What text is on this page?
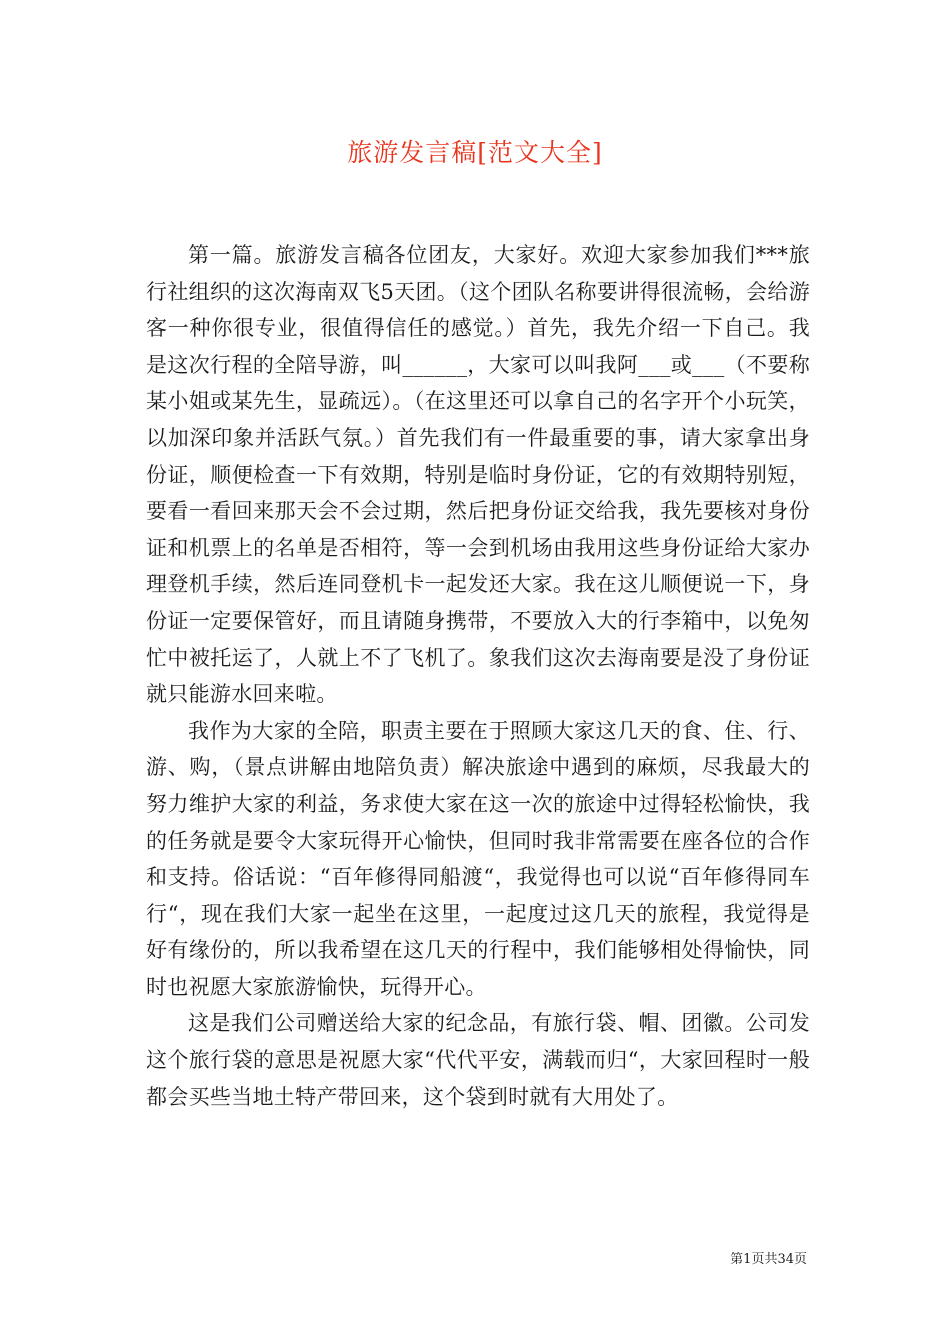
旅游发言稿[范文大全]

第一篇。旅游发言稿各位团友，大家好。欢迎大家参加我们***旅行社组织的这次海南双飞5天团。（这个团队名称要讲得很流畅，会给游客一种你很专业，很值得信任的感觉。）首先，我先介绍一下自己。我是这次行程的全陪导游，叫______，大家可以叫我阿___或___（不要称某小姐或某先生，显疏远）。（在这里还可以拿自己的名字开个小玩笑，以加深印象并活跃气氛。）首先我们有一件最重要的事，请大家拿出身份证，顺便检查一下有效期，特别是临时身份证，它的有效期特别短，要看一看回来那天会不会过期，然后把身份证交给我，我先要核对身份证和机票上的名单是否相符，等一会到机场由我用这些身份证给大家办理登机手续，然后连同登机卡一起发还大家。我在这儿顺便说一下，身份证一定要保管好，而且请随身携带，不要放入大的行李箱中，以免匆忙中被托运了，人就上不了飞机了。象我们这次去海南要是没了身份证就只能游水回来啦。

我作为大家的全陪，职责主要在于照顾大家这几天的食、住、行、游、购，（景点讲解由地陪负责）解决旅途中遇到的麻烦，尽我最大的努力维护大家的利益，务求使大家在这一次的旅途中过得轻松愉快，我的任务就是要令大家玩得开心愉快，但同时我非常需要在座各位的合作和支持。俗话说：“百年修得同船渡“，我觉得也可以说“百年修得同车行“，现在我们大家一起坐在这里，一起度过这几天的旅程，我觉得是好有缘份的，所以我希望在这几天的行程中，我们能够相处得愉快，同时也祝愿大家旅游愉快，玩得开心。

这是我们公司赠送给大家的纪念品，有旅行袋、帽、团徽。公司发这个旅行袋的意思是祝愿大家“代代平安，满载而归“，大家回程时一般都会买些当地土特产带回来，这个袋到时就有大用处了。

第1页共34页
